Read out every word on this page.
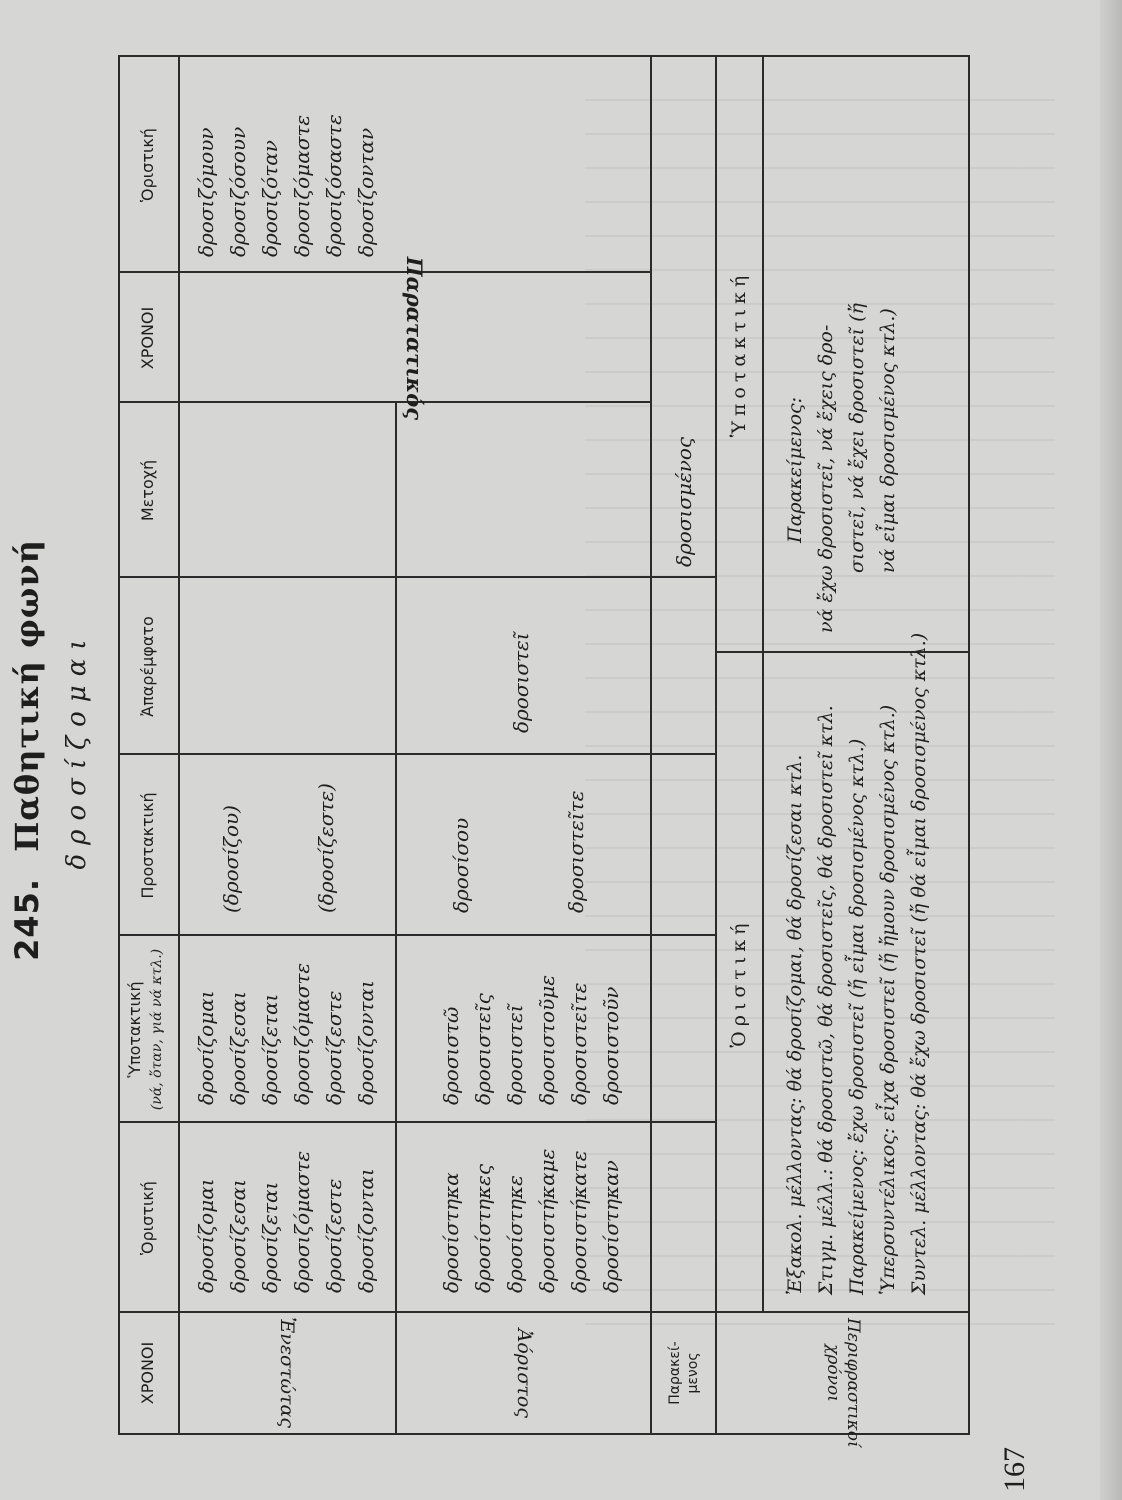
245.Παθητική φωνή δροσίζομαι
167
ΧΡΟΝΟΙ
Ὁριστική
Ὑποτακτική (νά, ὅταν, γιά νά κτλ.)
Προστακτική
Ἀπαρέμφατο
Μετοχή
ΧΡΟΝΟΙ
Ὁριστική
Ἐνεστώτας
δροσίζομαι δροσίζεσαι δροσίζεται δροσιζόμαστε δροσίζεστε δροσίζονται
δροσίζομαι δροσίζεσαι δροσίζεται δροσιζόμαστε δροσίζεστε δροσίζονται
(δροσίζου)	(δροσίζεστε)
Παρατατικός
δροσιζόμουν δροσιζόσουν δροσιζόταν δροσιζόμαστε δροσιζόσαστε δροσίζονταν
Ἀόριστος
δροσίστηκα δροσίστηκες δροσίστηκε δροσιστήκαμε δροσιστήκατε δροσίστηκαν
δροσιστῶ δροσιστεῖς δροσιστεῖ δροσιστοῦμε δροσιστεῖτε δροσιστοῦν
δροσίσου	δροσιστεῖτε
δροσιστεῖ
Παρακεί-μενος
δροσισμένος
Ὁριστική
Ὑποτακτική
Περιφραστικοί χρόνοι
Ἐξακολ. μέλλοντας: θά δροσίζομαι, θά δροσίζεσαι κτλ. Στιγμ. μέλλ.: θά δροσιστῶ, θά δροσιστεῖς, θά δροσιστεῖ κτλ. Παρακείμενος: ἔχω δροσιστεῖ (ἤ εἶμαι δροσισμένος κτλ.) Ὑπερσυντέλικος: εἶχα δροσιστεῖ (ἤ ἤμουν δροσισμένος κτλ.) Συντελ. μέλλοντας: θά ἔχω δροσιστεῖ (ἤ θά εἶμαι δροσισμένος κτλ.)
Παρακείμενος: νά ἔχω δροσιστεῖ, νά ἔχεις δρο- σιστεῖ, νά ἔχει δροσιστεῖ (ἤ νά εἶμαι δροσισμένος κτλ.)
